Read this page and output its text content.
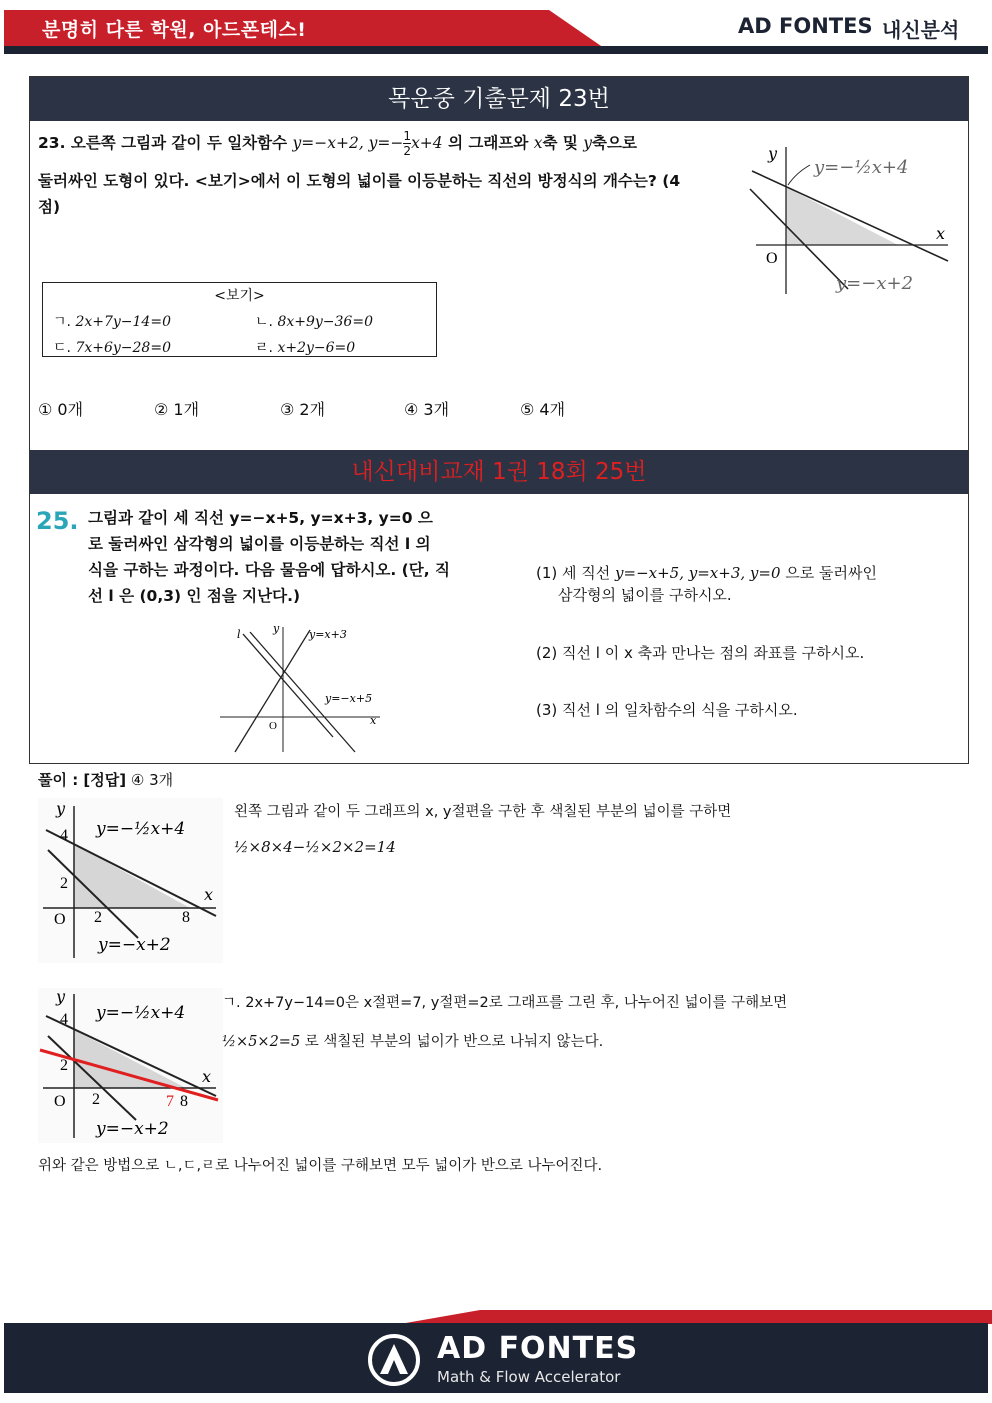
분명히 다른 학원, 아드폰테스!	AD FONTES 내신분석
목운중 기출문제 23번
23. 오른쪽 그림과 같이 두 일차함수 y=−x+2, $y=- \frac{1}{2} x+4$ 의 그래프와 x축 및 y축으로
둘러싸인 도형이 있다. <보기>에서 이 도형의 넓이를 이등분하는 직선의 방정식의 개수는? (4
점)
y
x
O
y=−½x+4
y=−x+2
<보기>
ㄱ. 2x+7y−14=0	ㄴ. 8x+9y−36=0
ㄷ. 7x+6y−28=0	ㄹ. x+2y−6=0
① 0개	② 1개	③ 2개	④ 3개	⑤ 4개
내신대비교재 1권 18회 25번
25. 그림과 같이 세 직선 y=−x+5, y=x+3, y=0 으
로 둘러싸인 삼각형의 넓이를 이등분하는 직선 l 의
식을 구하는 과정이다. 다음 물음에 답하시오. (단, 직
선 l 은 (0,3) 인 점을 지난다.)
l	y
x
O
y=x+3
y=−x+5
(1) 세 직선 y=−x+5, y=x+3, y=0 으로 둘러싸인
삼각형의 넓이를 구하시오.
(2) 직선 l 이 x 축과 만나는 점의 좌표를 구하시오.
(3) 직선 l 의 일차함수의 식을 구하시오.
풀이 : [정답] ④ 3개
y
x
4
2
O 2	8
y=−½x+4
y=−x+2
왼쪽 그림과 같이 두 그래프의 x, y절편을 구한 후 색칠된 부분의 넓이를 구하면
½×8×4−½×2×2=14
y
x
4
2
O 2	7 8
y=−½x+4
y=−x+2
ㄱ. 2x+7y−14=0은 x절편=7, y절편=2로 그래프를 그린 후, 나누어진 넓이를 구해보면
½×5×2=5 로 색칠된 부분의 넓이가 반으로 나눠지 않는다.
위와 같은 방법으로 ㄴ,ㄷ,ㄹ로 나누어진 넓이를 구해보면 모두 넓이가 반으로 나누어진다.
AD FONTES
Math & Flow Accelerator
